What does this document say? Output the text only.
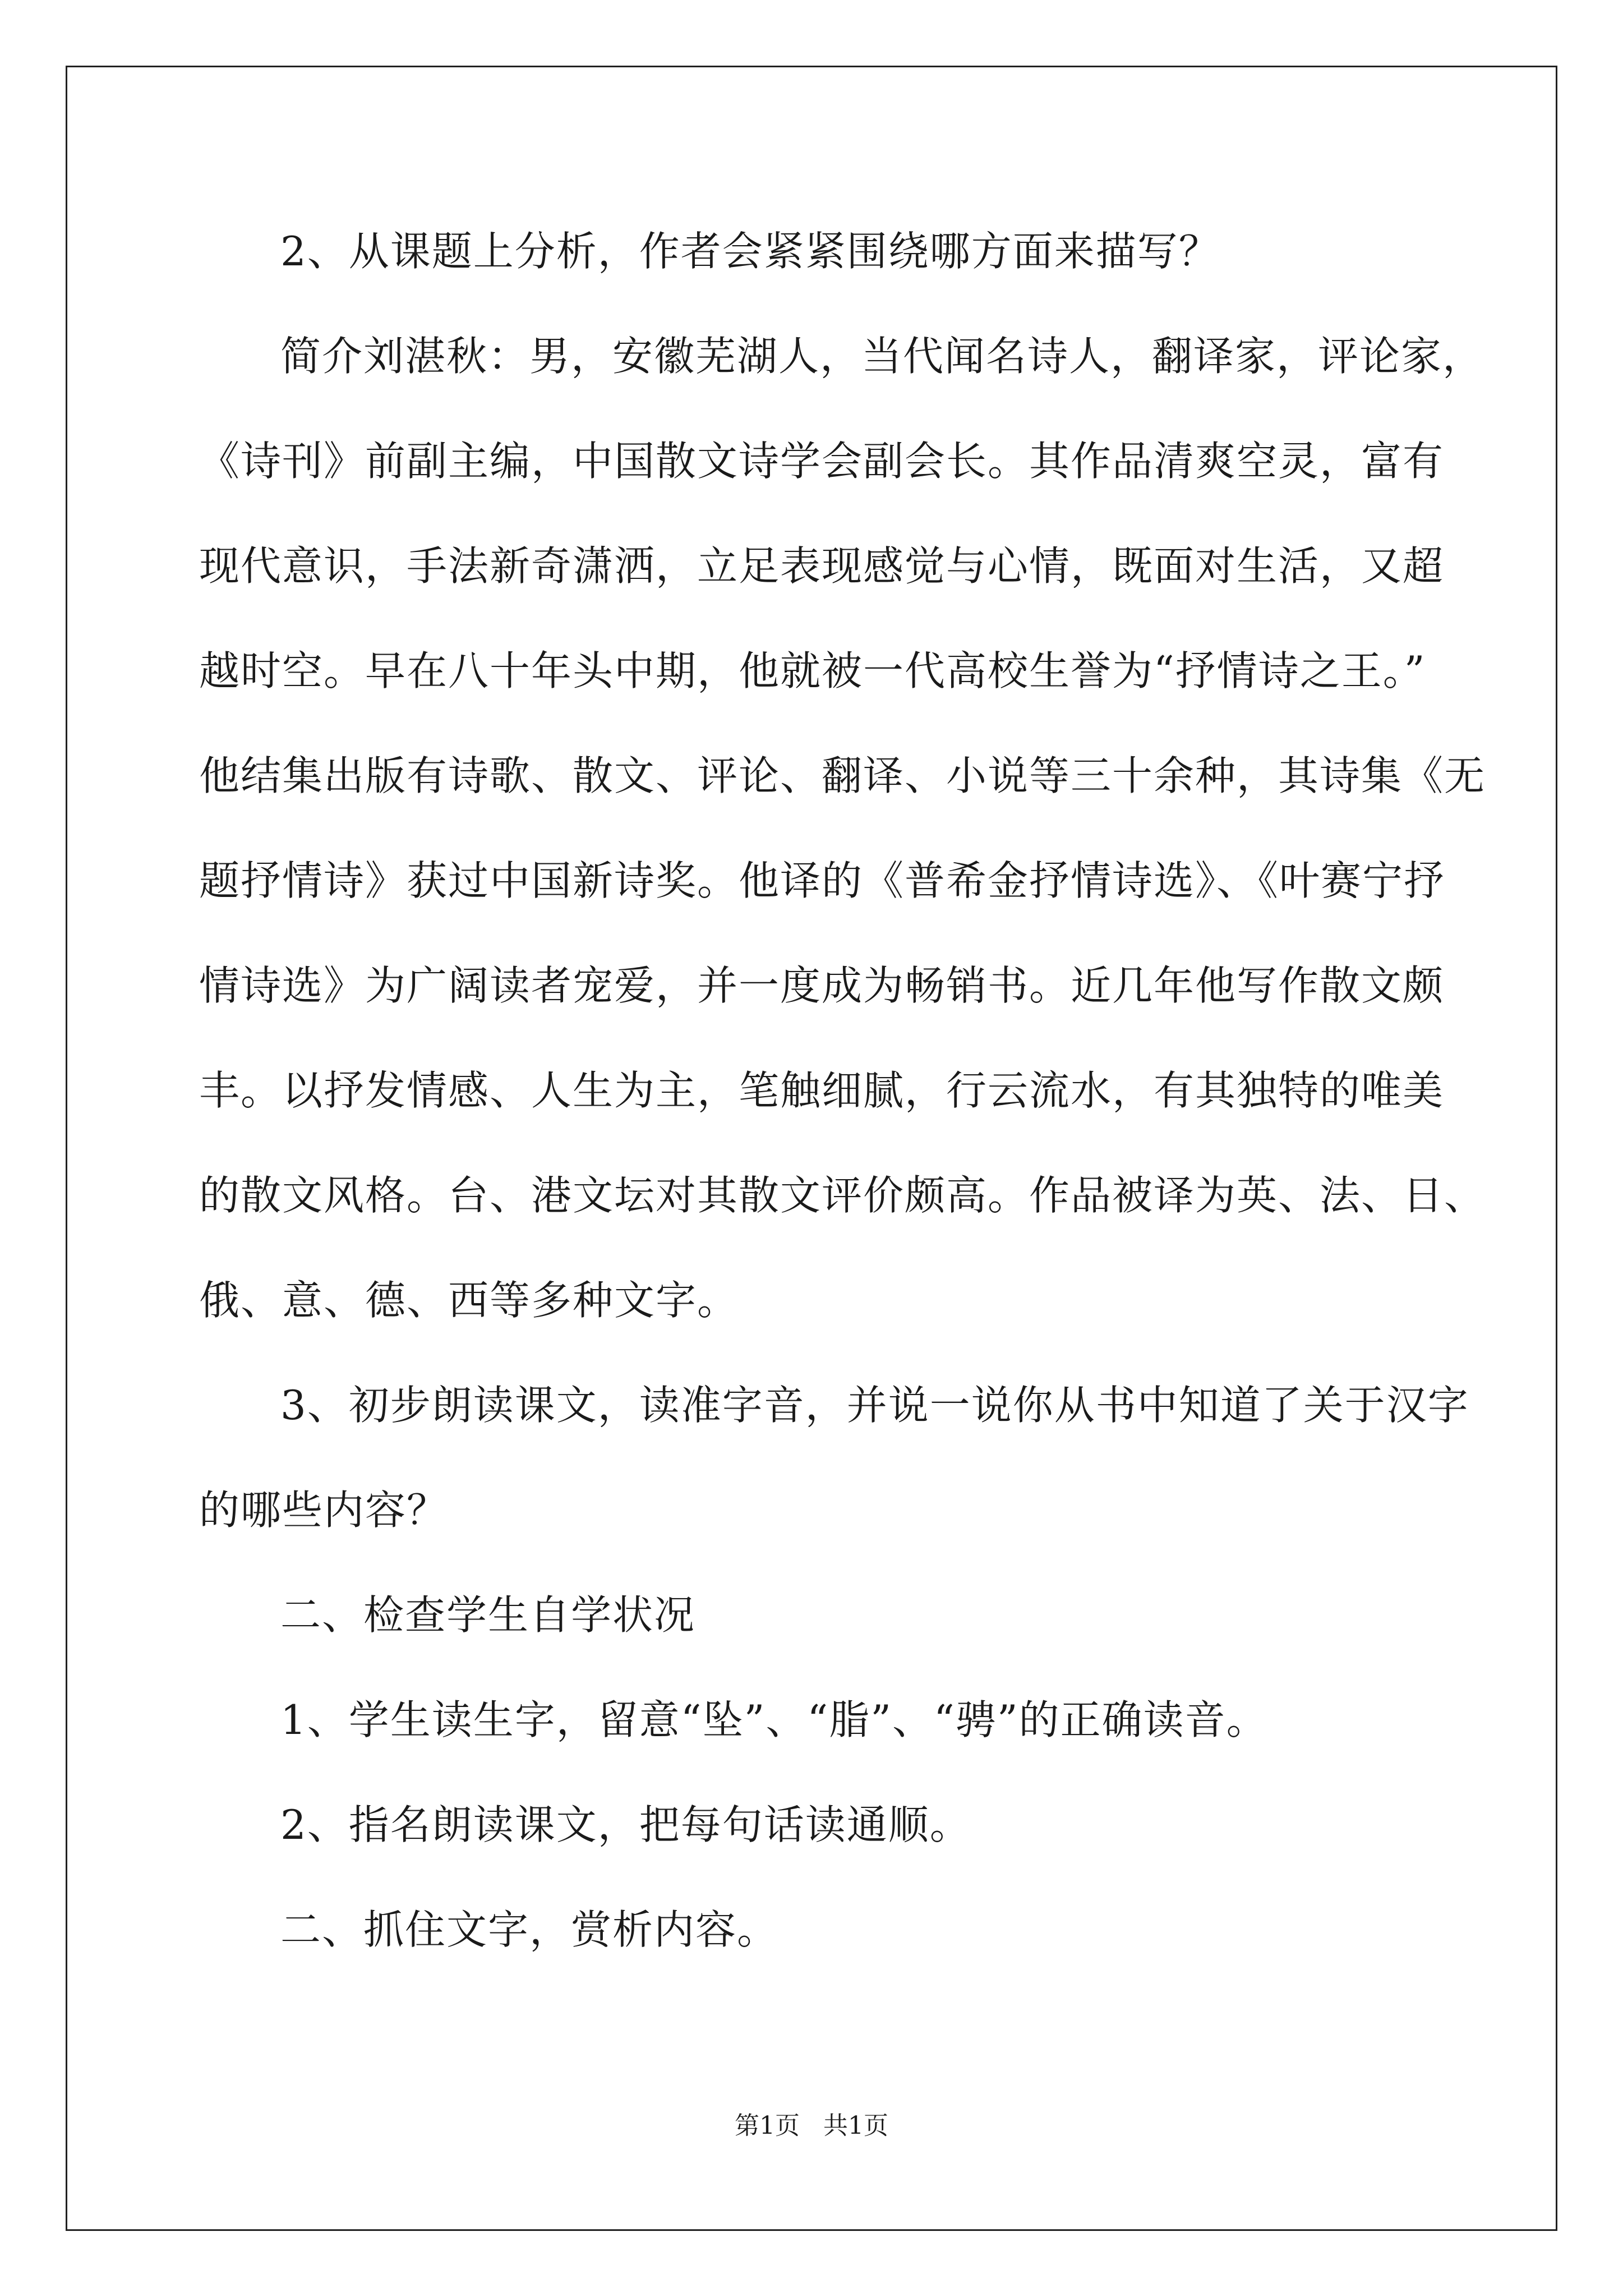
2、从课题上分析，作者会紧紧围绕哪方面来描写？
简介刘湛秋：男，安徽芜湖人，当代闻名诗人，翻译家，评论家，
《诗刊》前副主编，中国散文诗学会副会长。其作品清爽空灵，富有
现代意识，手法新奇潇洒，立足表现感觉与心情，既面对生活，又超
越时空。早在八十年头中期，他就被一代高校生誉为“抒情诗之王。”
他结集出版有诗歌、散文、评论、翻译、小说等三十余种，其诗集《无
题抒情诗》获过中国新诗奖。他译的《普希金抒情诗选》、《叶赛宁抒
情诗选》为广阔读者宠爱，并一度成为畅销书。近几年他写作散文颇
丰。以抒发情感、人生为主，笔触细腻，行云流水，有其独特的唯美
的散文风格。台、港文坛对其散文评价颇高。作品被译为英、法、日、
俄、意、德、西等多种文字。
3、初步朗读课文，读准字音，并说一说你从书中知道了关于汉字
的哪些内容？
二、检查学生自学状况
1、学生读生字，留意“坠”、“脂”、“骋”的正确读音。
2、指名朗读课文，把每句话读通顺。
二、抓住文字，赏析内容。
第1页   共1页
